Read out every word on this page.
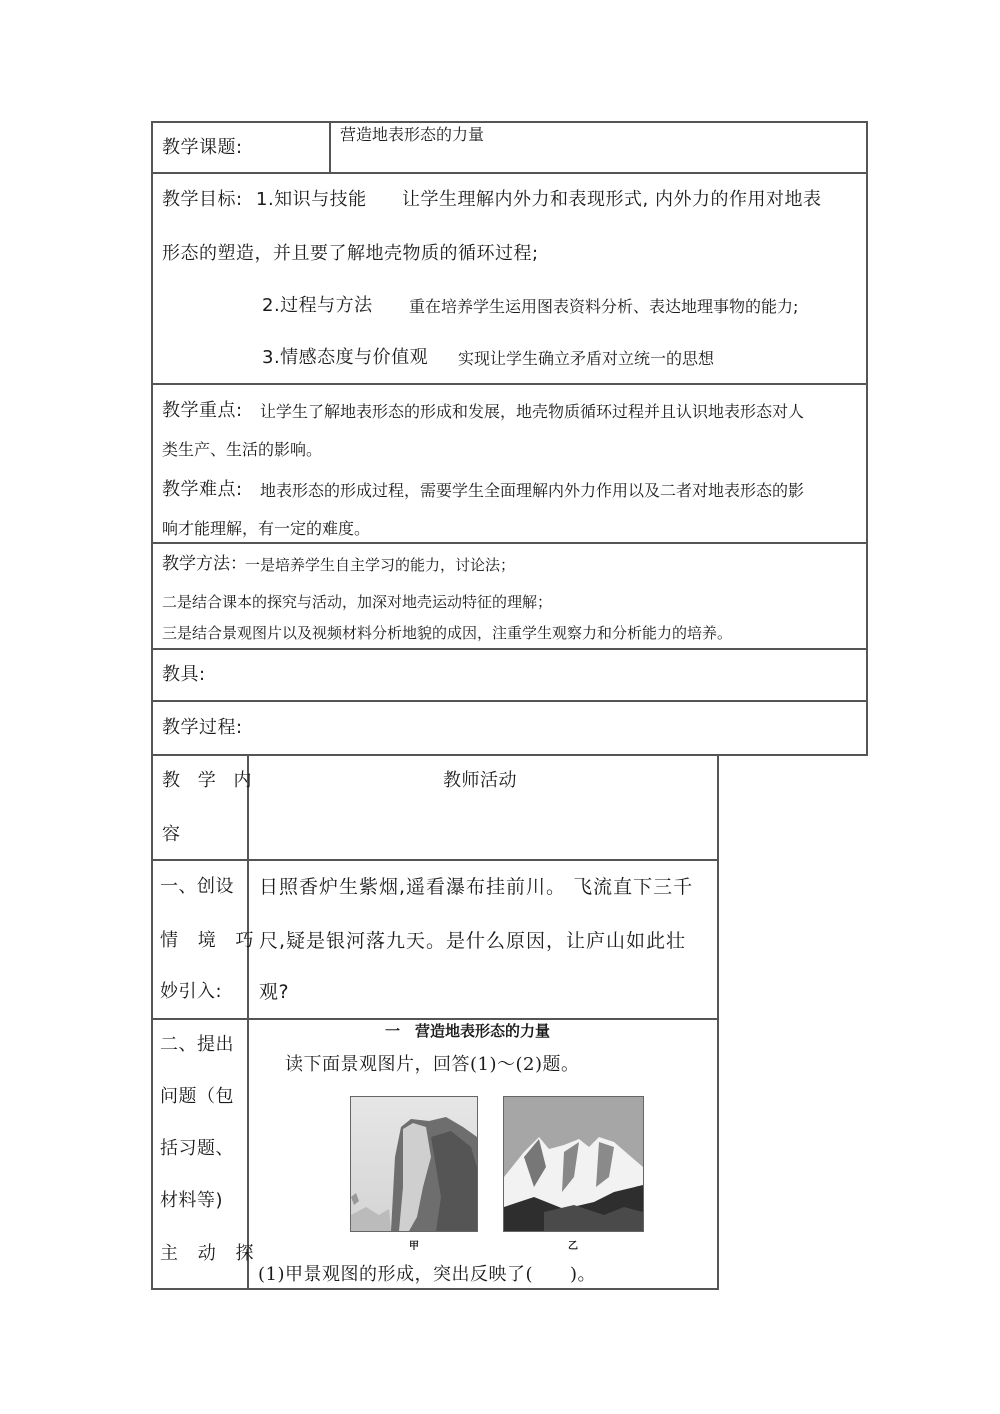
教学课题:
营造地表形态的力量
教学目标: 1.知识与技能 让学生理解内外力和表现形式, 内外力的作用对地表
形态的塑造，并且要了解地壳物质的循环过程;
2.过程与方法 重在培养学生运用图表资料分析、表达地理事物的能力;
3.情感态度与价值观 实现让学生确立矛盾对立统一的思想
教学重点: 让学生了解地表形态的形成和发展，地壳物质循环过程并且认识地表形态对人
类生产、生活的影响。
教学难点: 地表形态的形成过程，需要学生全面理解内外力作用以及二者对地表形态的影
响才能理解，有一定的难度。
教学方法：
一是培养学生自主学习的能力，讨论法；
二是结合课本的探究与活动，加深对地壳运动特征的理解；
三是结合景观图片以及视频材料分析地貌的成因，注重学生观察力和分析能力的培养。
教具:
教学过程:
教 学 内
容
教师活动
一、创设
情 境 巧
妙引入:
日照香炉生紫烟,遥看瀑布挂前川。 飞流直下三千
尺,疑是银河落九天。是什么原因，让庐山如此壮
观?
二、提出
问题（包
括习题、
材料等)
主 动 探
一　营造地表形态的力量
读下面景观图片，回答(1)～(2)题。
甲	乙
(1)甲景观图的形成，突出反映了(　　)。
